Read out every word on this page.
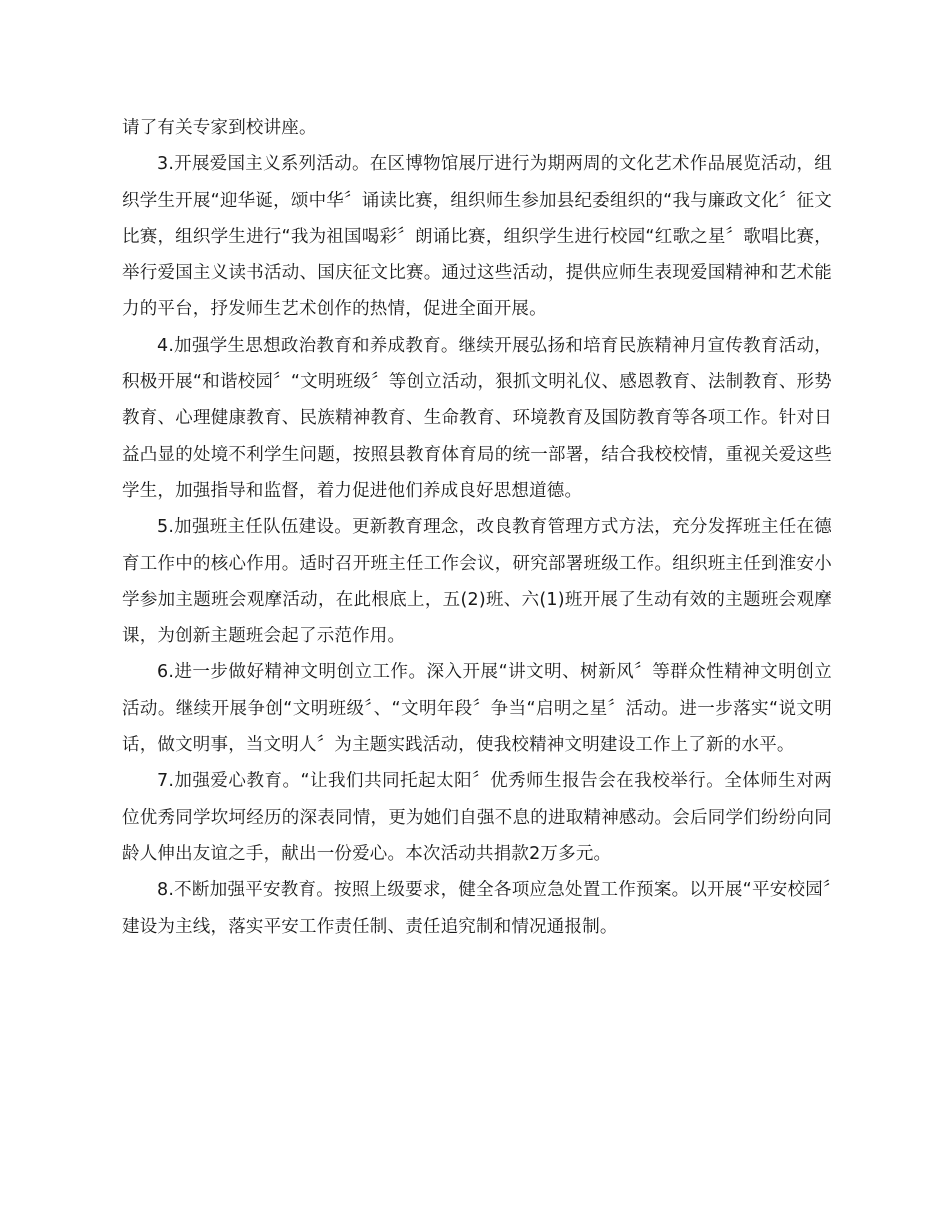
请了有关专家到校讲座。

3.开展爱国主义系列活动。在区博物馆展厅进行为期两周的文化艺术作品展览活动，组织学生开展“迎华诞，颂中华〞诵读比赛，组织师生参加县纪委组织的“我与廉政文化〞征文比赛，组织学生进行“我为祖国喝彩〞朗诵比赛，组织学生进行校园“红歌之星〞歌唱比赛，举行爱国主义读书活动、国庆征文比赛。通过这些活动，提供应师生表现爱国精神和艺术能力的平台，抒发师生艺术创作的热情，促进全面开展。

4.加强学生思想政治教育和养成教育。继续开展弘扬和培育民族精神月宣传教育活动，积极开展“和谐校园〞“文明班级〞等创立活动，狠抓文明礼仪、感恩教育、法制教育、形势教育、心理健康教育、民族精神教育、生命教育、环境教育及国防教育等各项工作。针对日益凸显的处境不利学生问题，按照县教育体育局的统一部署，结合我校校情，重视关爱这些学生，加强指导和监督，着力促进他们养成良好思想道德。

5.加强班主任队伍建设。更新教育理念，改良教育管理方式方法，充分发挥班主任在德育工作中的核心作用。适时召开班主任工作会议，研究部署班级工作。组织班主任到淮安小学参加主题班会观摩活动，在此根底上，五(2)班、六(1)班开展了生动有效的主题班会观摩课，为创新主题班会起了示范作用。

6.进一步做好精神文明创立工作。深入开展“讲文明、树新风〞等群众性精神文明创立活动。继续开展争创“文明班级〞、“文明年段〞争当“启明之星〞活动。进一步落实“说文明话，做文明事，当文明人〞为主题实践活动，使我校精神文明建设工作上了新的水平。

7.加强爱心教育。“让我们共同托起太阳〞优秀师生报告会在我校举行。全体师生对两位优秀同学坎坷经历的深表同情，更为她们自强不息的进取精神感动。会后同学们纷纷向同龄人伸出友谊之手，献出一份爱心。本次活动共捐款2万多元。

8.不断加强平安教育。按照上级要求，健全各项应急处置工作预案。以开展“平安校园〞建设为主线，落实平安工作责任制、责任追究制和情况通报制。
